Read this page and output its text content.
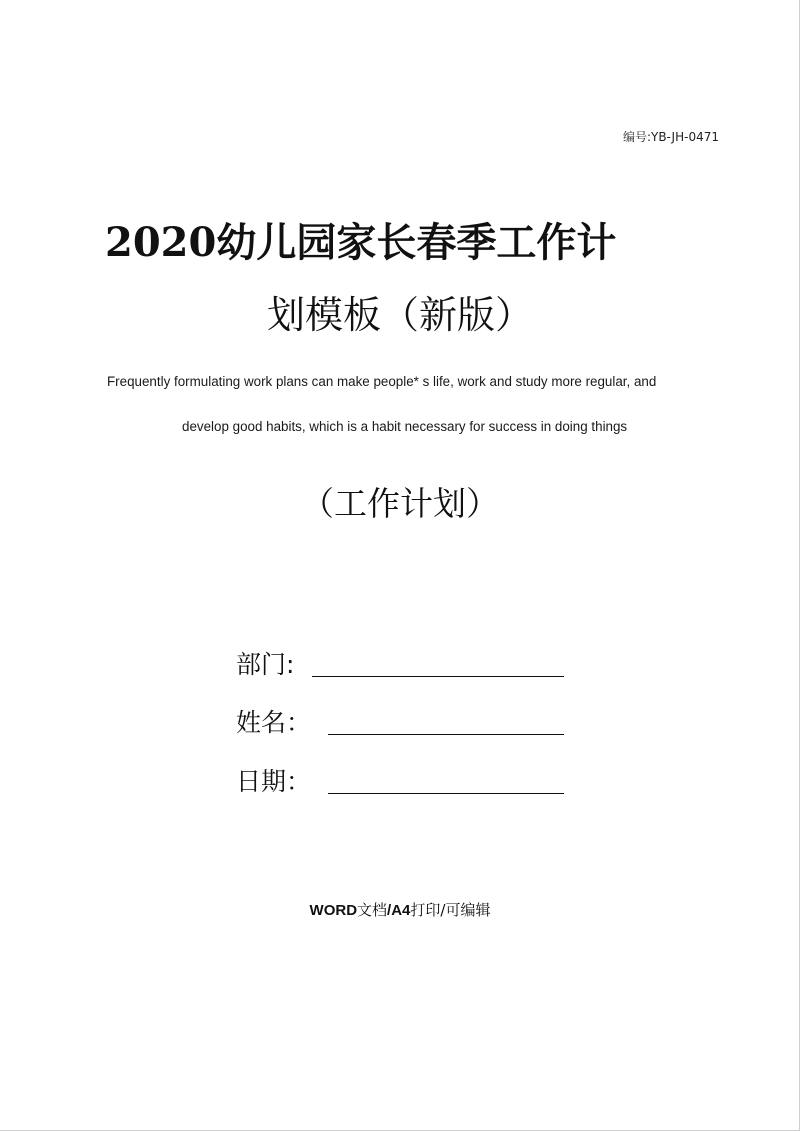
编号:YB-JH-0471
2020幼儿园家长春季工作计
划模板（新版）
Frequently formulating work plans can make people* s life, work and study more regular, and
develop good habits, which is a habit necessary for success in doing things
（工作计划）
部门:
姓名：
日期：
WORD文档/A4打印/可编辑
